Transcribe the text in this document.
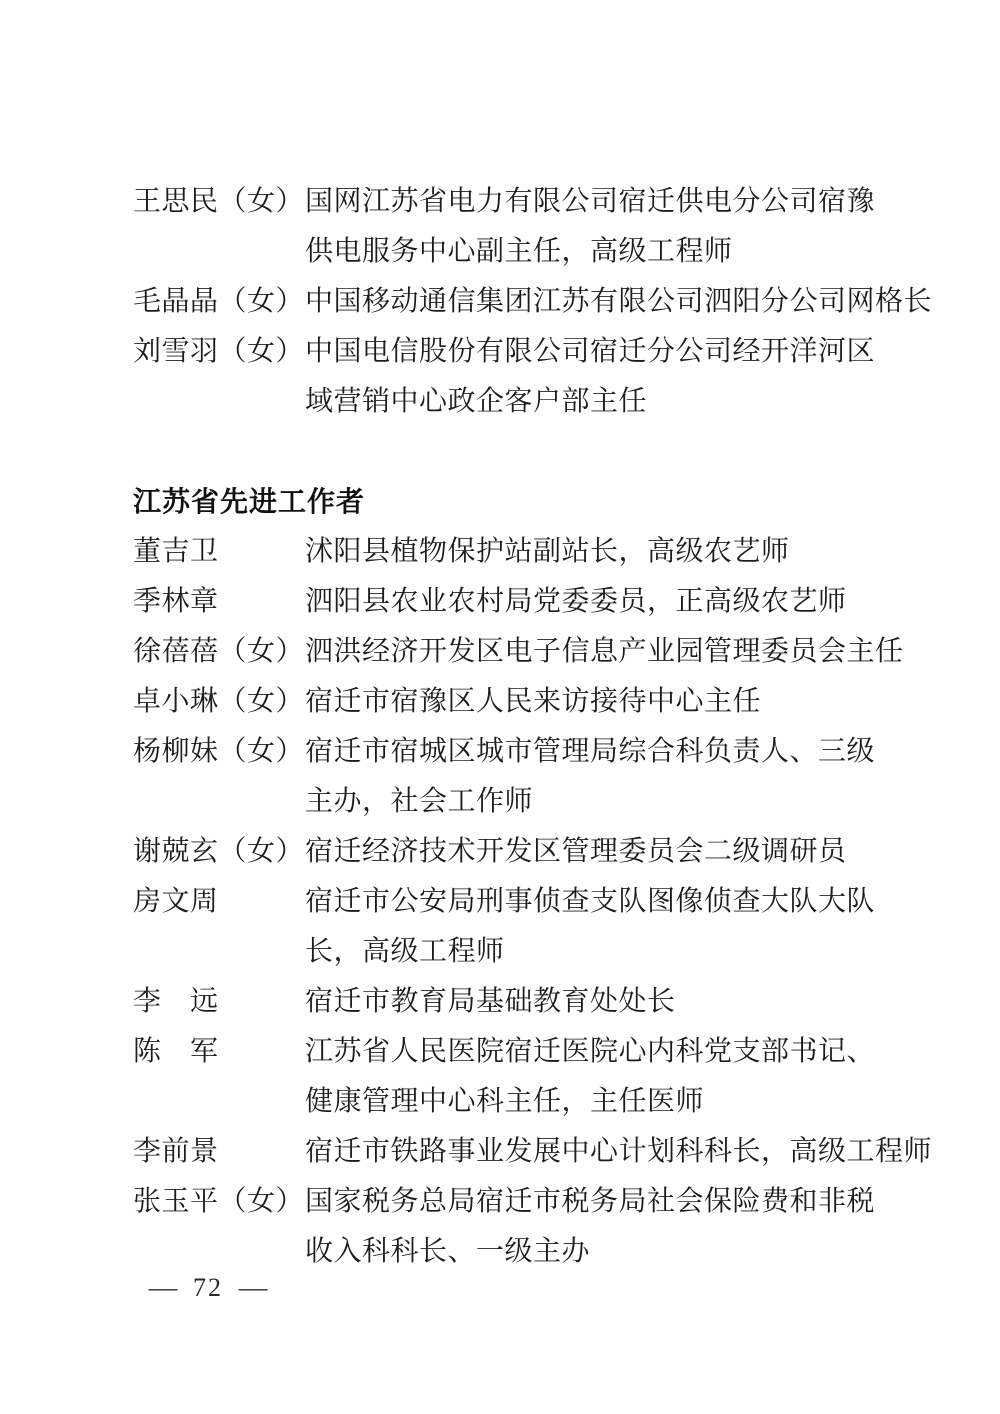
王思民（女） 国网江苏省电力有限公司宿迁供电分公司宿豫
供电服务中心副主任，高级工程师
毛晶晶（女） 中国移动通信集团江苏有限公司泗阳分公司网格长
刘雪羽（女） 中国电信股份有限公司宿迁分公司经开洋河区
域营销中心政企客户部主任
江苏省先进工作者
董吉卫	沭阳县植物保护站副站长，高级农艺师
季林章	泗阳县农业农村局党委委员，正高级农艺师
徐蓓蓓（女） 泗洪经济开发区电子信息产业园管理委员会主任
卓小琳（女） 宿迁市宿豫区人民来访接待中心主任
杨柳妹（女） 宿迁市宿城区城市管理局综合科负责人、三级
主办，社会工作师
谢兢玄（女） 宿迁经济技术开发区管理委员会二级调研员
房文周	宿迁市公安局刑事侦查支队图像侦查大队大队
长，高级工程师
李　远	宿迁市教育局基础教育处处长
陈　军	江苏省人民医院宿迁医院心内科党支部书记、
健康管理中心科主任，主任医师
李前景	宿迁市铁路事业发展中心计划科科长，高级工程师
张玉平（女） 国家税务总局宿迁市税务局社会保险费和非税
收入科科长、一级主办
— 72 —
